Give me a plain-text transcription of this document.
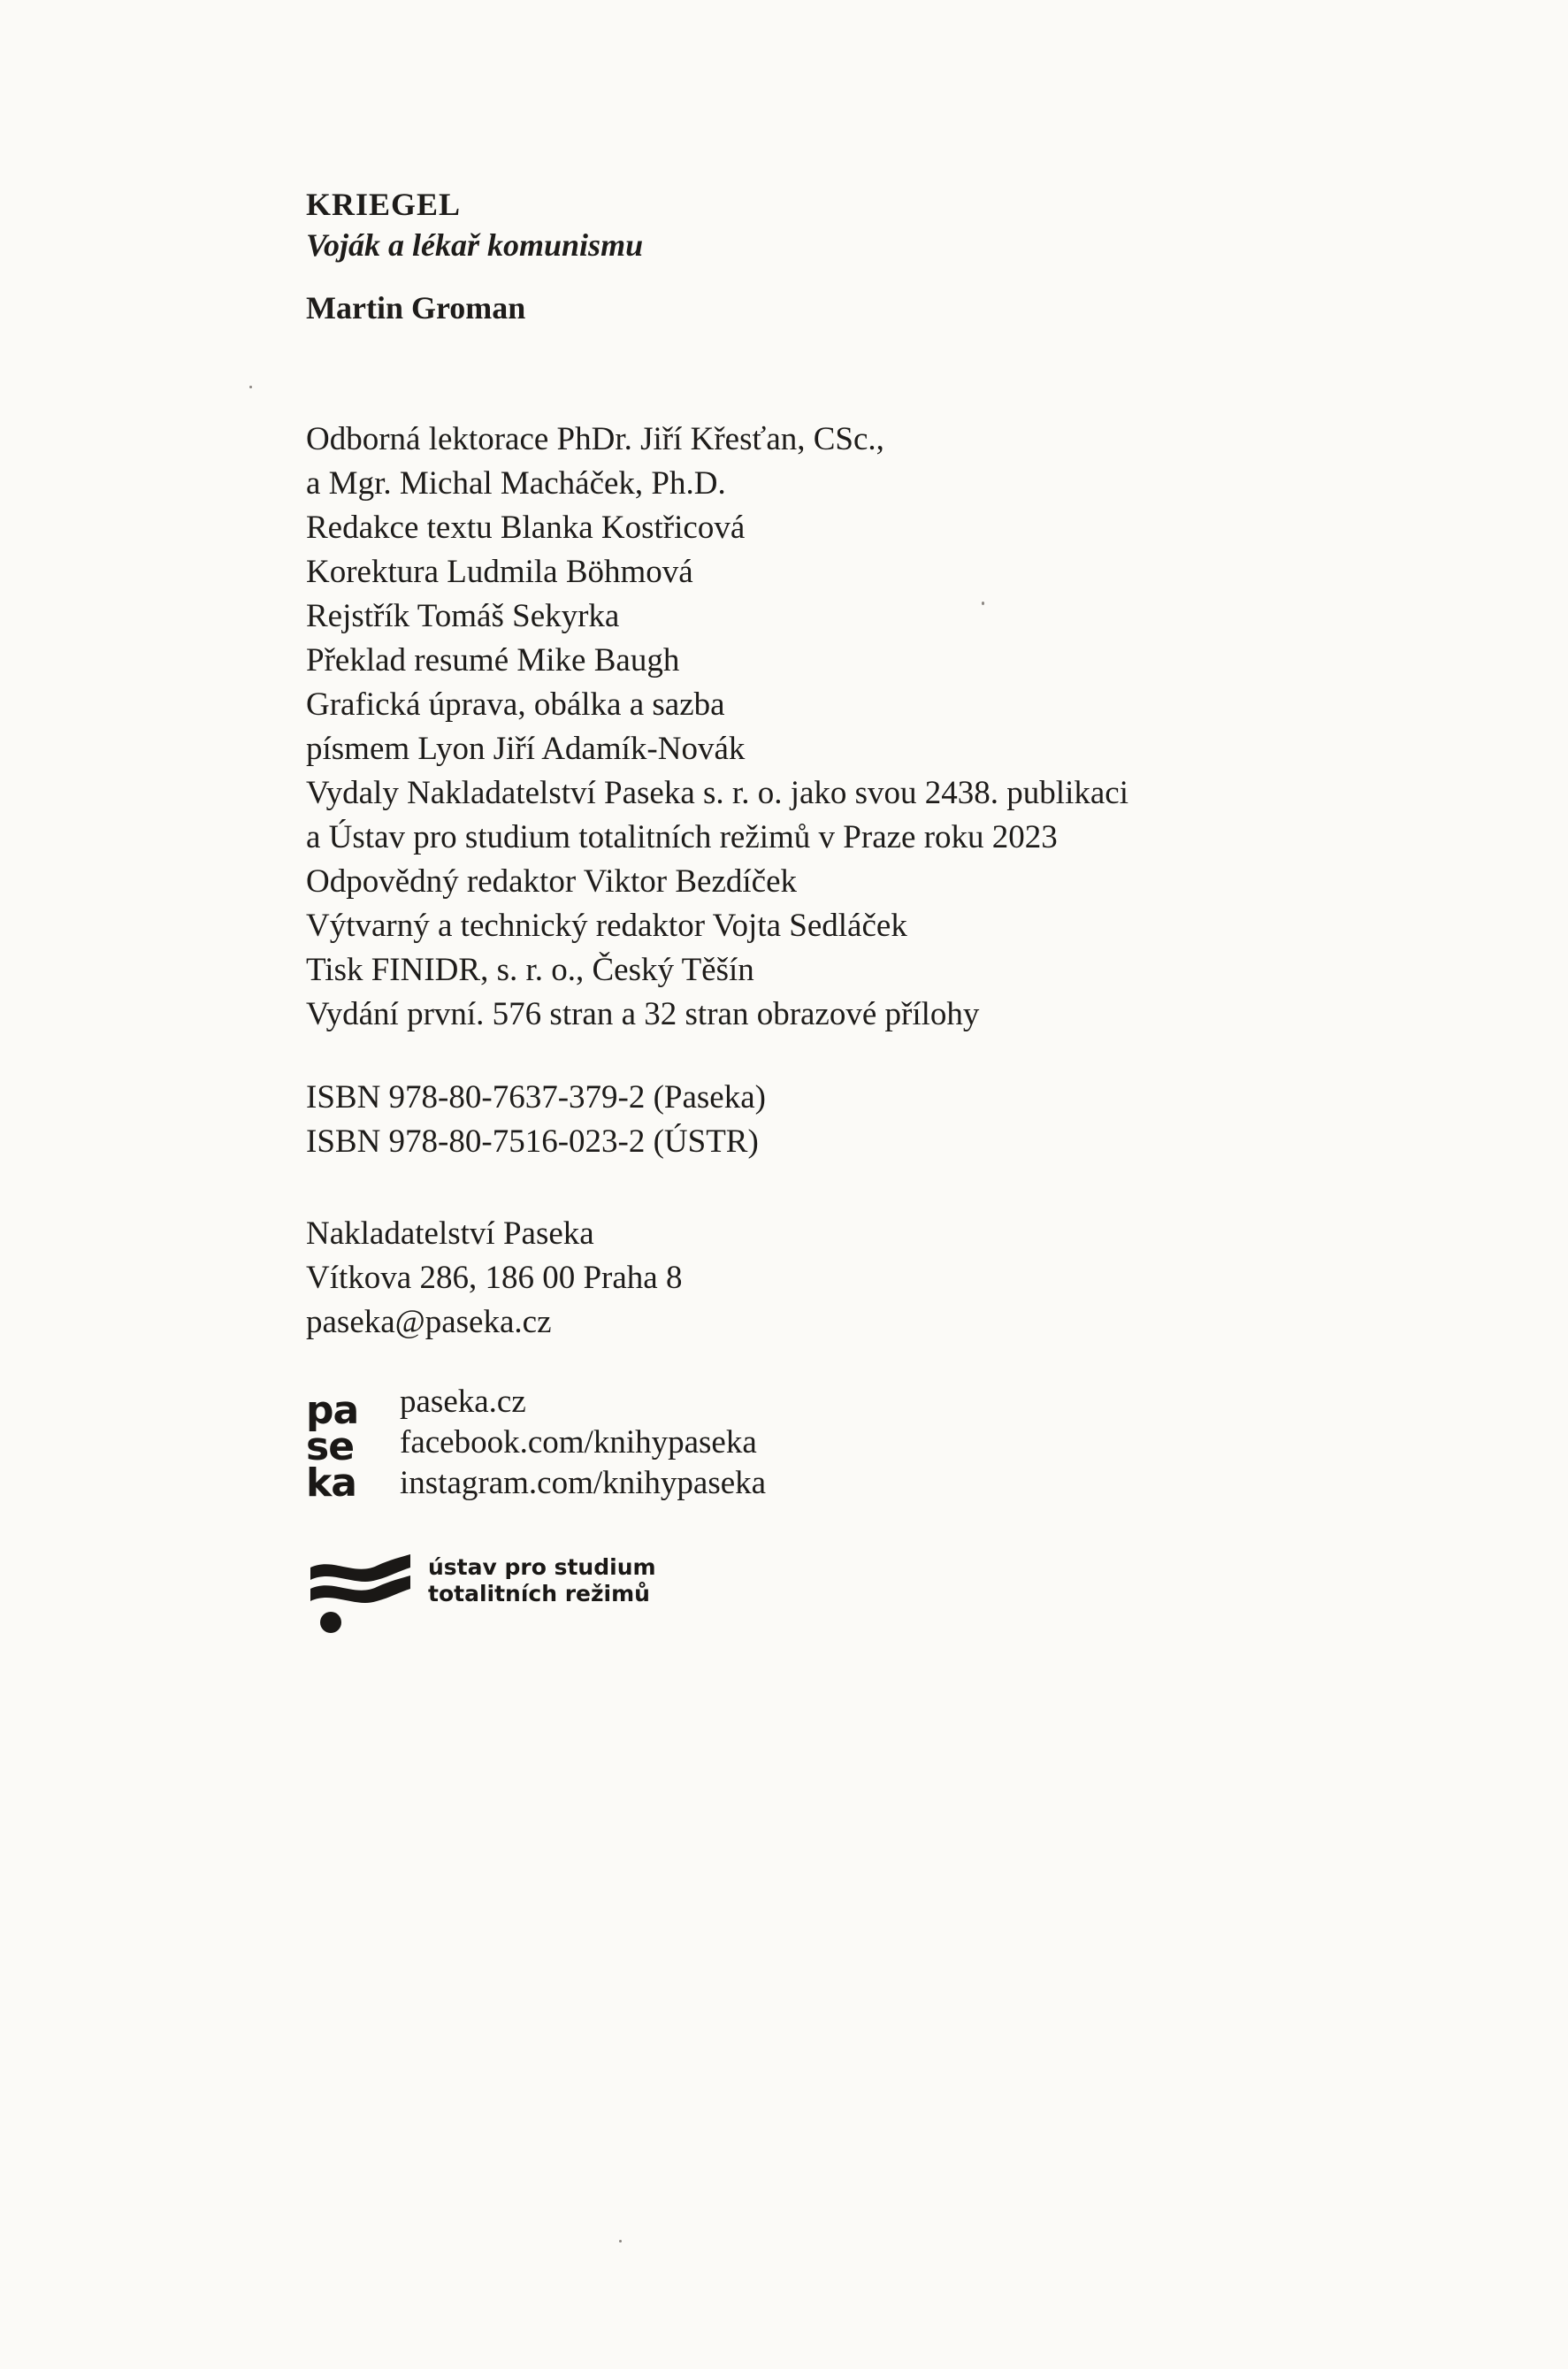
KRIEGEL
Voják a lékař komunismu
Martin Groman
Odborná lektorace PhDr. Jiří Křesťan, CSc.,
a Mgr. Michal Macháček, Ph.D.
Redakce textu Blanka Kostřicová
Korektura Ludmila Böhmová
Rejstřík Tomáš Sekyrka
Překlad resumé Mike Baugh
Grafická úprava, obálka a sazba
písmem Lyon Jiří Adamík-Novák
Vydaly Nakladatelství Paseka s. r. o. jako svou 2438. publikaci
a Ústav pro studium totalitních režimů v Praze roku 2023
Odpovědný redaktor Viktor Bezdíček
Výtvarný a technický redaktor Vojta Sedláček
Tisk FINIDR, s. r. o., Český Těšín
Vydání první. 576 stran a 32 stran obrazové přílohy
ISBN 978-80-7637-379-2 (Paseka)
ISBN 978-80-7516-023-2 (ÚSTR)
Nakladatelství Paseka
Vítkova 286, 186 00 Praha 8
paseka@paseka.cz
pa
se
ka
paseka.cz
facebook.com/knihypaseka
instagram.com/knihypaseka
ústav pro studium
totalitních režimů
